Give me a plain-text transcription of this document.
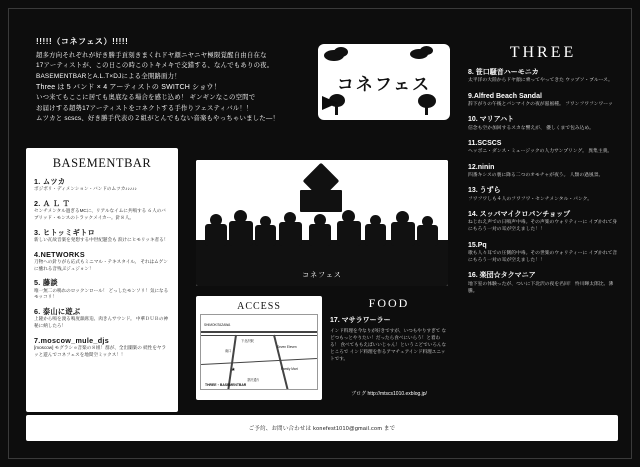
!!!!!（コネフェス）!!!!!

超多方向それぞれが好き勝手貢刻きまくれドヤ顔ニヤニヤ極限覚醒自由自在な

17アーティストが、この日この時このトキメキで交錯する、なんでもありの夜。

BASEMENTBARとA.L.T×DJによる全開路面力！

Three は 5 バンド × 4 アーティストの SWITCH ショウ！

いつ来てもここに居ても奥底なる場合を感じ込め！ ギンギンなこの空間で

お届けする超勢17アーティストをコネクトする手作りフェスティバル！！

ムツカと scscs、好き勝手代表の２組がとんでもない音楽もやっちゃいました―！

コネフェス
THREE
8. 笹口騒音ハーモニカ
太平洋の大陸からドヤ顔に乗ってやってきた ウップソ・ブルース。
9.Alfred Beach Sandal
辞下がりの午後とバンマイクの夜が滋風種。 フワンフワフンワーッ
10. マリアハト
信念も空か加回するスカな響えが、 優しくまで包み込め。
11.SCSCS
ヘッボニ・ダンス・ミュージックの人力サンプリング。 異集主義。
12.ninin
四番キシスの裏に降る二つのオモチャが夜う。 人類の過風景。
13. うずら
フワフワしも４人のフワフワ・センチメンタル・パンク。
14. スッパマイクロパンチョップ
ねじれえ声での日鳴声中毒。その声楽のウォリティーに イブかれて身にもろう一対の耳が空えました！！
15.Pq
歌も人々耳での圧側的中毒。その世楽のウォリティーに イブかれて音にもろう一対の耳が空えました！！
16. 楽団☆タクマニア
地下室の体験ったが、ついに下北沢の夜を名回！ 怜川暉太郎比、沸騰。
BASEMENTBAR
1. ムツカ
ポジボリ・ディメンション・バンドのムツカ♪♪♪♪♪
2. Ａ Ｌ Ｔ
センチメンタル過ぎるMCに、リアルなイムに共鳴する ６人のバブリッド・モンスのトラックメイカー。針８人。
3. ヒトッミギトロ
新しい瓦故音楽を発想する中世紀題会も 涙けにヒモリッキ者る！
4.NETWORKS
刀物への針りがら応式もミニマル・テキスタイル。 それはムゲンに癒れる音残ぶジュジョン！
5. 藤談
唯一無二の鳴れのロックンロール！ どっしたモンソリ！気になるモッコリ！
6. 泰山に遊ぶ
上隆から鳴を渡る鳴度韻席迫、肉きんサウンド。 中華ＤＵＢの神秘に納したろ！
7.moscow_mule_djs
[moscow] モグラショ音楽の８組！群が、全出團楽の 続性をヤラッと遊んでコネフェスを地間空ミックス！！
コネフェス
ACCESS
SHIMOKITAZAWA
下北沢駅
南口
Seven Eleven
Family Mart
茶沢通り
★
THREE・BASEMENTBAR
FOOD
17. マサラワーラー
インド料理を今なりが好きですが、いつもやりすぎて などつもっとやりたい！だったら食べにいらう！と着わる！ 食べてももえばいいじゃん！というこどでいろんなところで インド料理を作るアマチュアインド料理ユニットです。
ブログ http://mtscs1010.exblog.jp/
ご予約、お問い合わせは konefest1010@gmail.com まで
